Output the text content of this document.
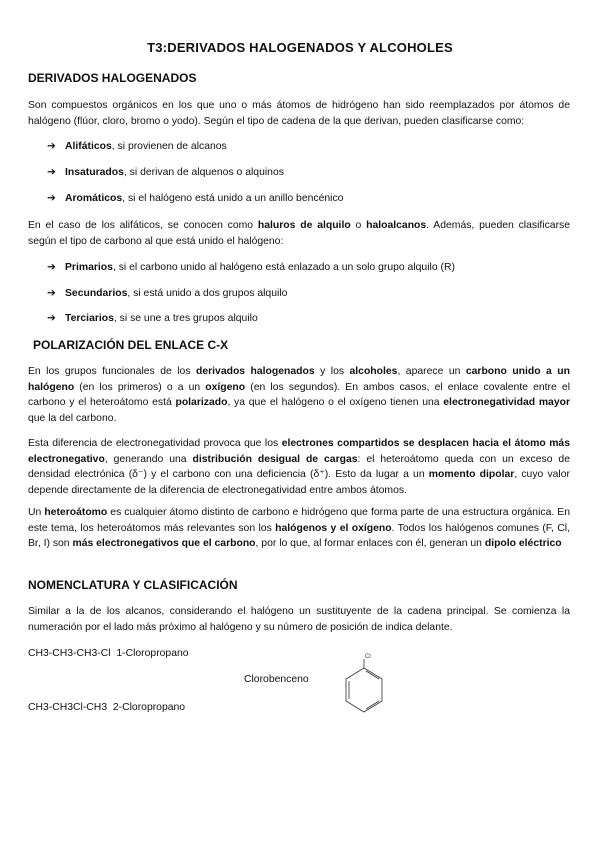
T3:DERIVADOS HALOGENADOS Y ALCOHOLES
DERIVADOS HALOGENADOS
Son compuestos orgánicos en los que uno o más átomos de hidrógeno han sido reemplazados por átomos de halógeno (flúor, cloro, bromo o yodo). Según el tipo de cadena de la que derivan, pueden clasificarse como:
➔ Alifáticos, si provienen de alcanos
➔ Insaturados, si derivan de alquenos o alquinos
➔ Aromáticos, si el halógeno está unido a un anillo bencénico
En el caso de los alifáticos, se conocen como haluros de alquilo o haloalcanos. Además, pueden clasificarse según el tipo de carbono al que está unido el halógeno:
➔ Primarios, si el carbono unido al halógeno está enlazado a un solo grupo alquilo (R)
➔ Secundarios, si está unido a dos grupos alquilo
➔ Terciarios, si se une a tres grupos alquilo
POLARIZACIÓN DEL ENLACE C-X
En los grupos funcionales de los derivados halogenados y los alcoholes, aparece un carbono unido a un halógeno (en los primeros) o a un oxígeno (en los segundos). En ambos casos, el enlace covalente entre el carbono y el heteroátomo está polarizado, ya que el halógeno o el oxígeno tienen una electronegatividad mayor que la del carbono.
Esta diferencia de electronegatividad provoca que los electrones compartidos se desplacen hacia el átomo más electronegativo, generando una distribución desigual de cargas: el heteroátomo queda con un exceso de densidad electrónica (δ⁻) y el carbono con una deficiencia (δ⁺). Esto da lugar a un momento dipolar, cuyo valor depende directamente de la diferencia de electronegatividad entre ambos átomos.
Un heteroátomo es cualquier átomo distinto de carbono e hidrógeno que forma parte de una estructura orgánica. En este tema, los heteroátomos más relevantes son los halógenos y el oxígeno. Todos los halógenos comunes (F, Cl, Br, I) son más electronegativos que el carbono, por lo que, al formar enlaces con él, generan un dipolo eléctrico
NOMENCLATURA Y CLASIFICACIÓN
Similar a la de los alcanos, considerando el halógeno un sustituyente de la cadena principal. Se comienza la numeración por el lado más próximo al halógeno y su número de posición de indica delante.
CH3-CH3-CH3-Cl 1-Cloropropano
Clorobenceno
Cl
CH3-CH3Cl-CH3 2-Cloropropano
